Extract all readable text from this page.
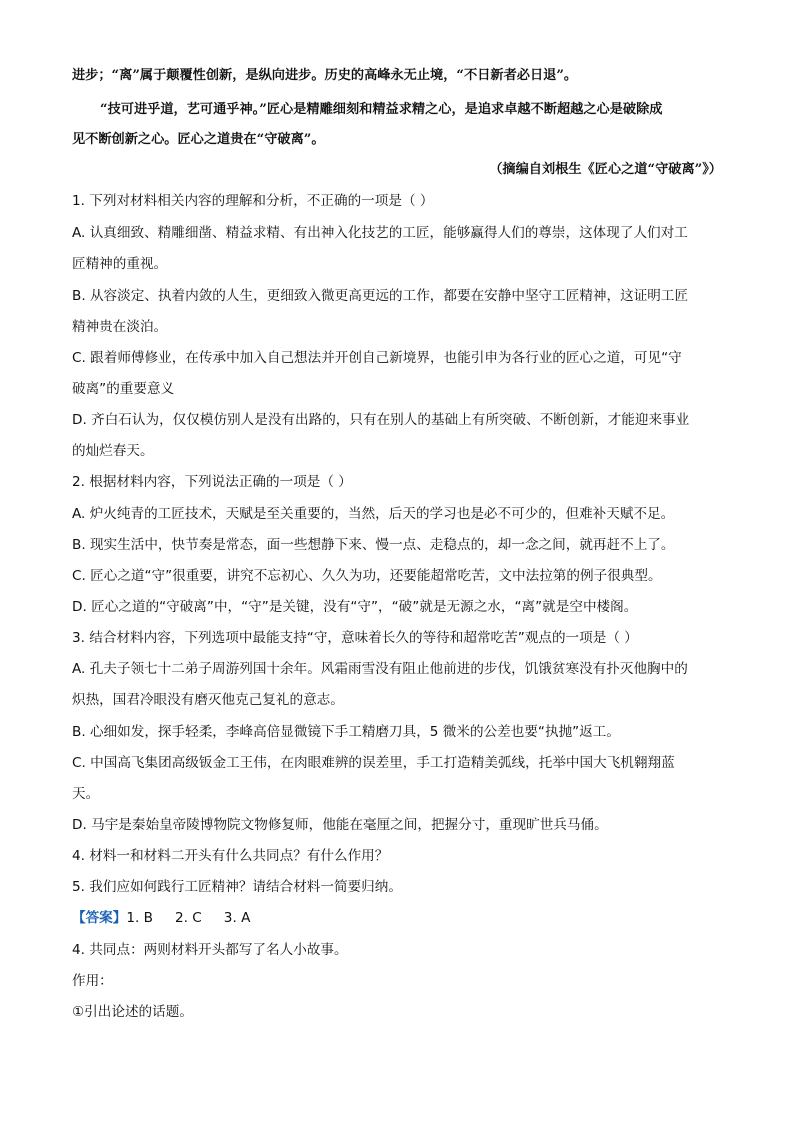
进步；“离”属于颠覆性创新，是纵向进步。历史的高峰永无止境，“不日新者必日退”。
“技可进乎道，艺可通乎神。”匠心是精雕细刻和精益求精之心，是追求卓越不断超越之心是破除成
见不断创新之心。匠心之道贵在“守破离”。
（摘编自刘根生《匠心之道“守破离”》）
1. 下列对材料相关内容的理解和分析，不正确的一项是（ ）
A. 认真细致、精雕细凿、精益求精、有出神入化技艺的工匠，能够赢得人们的尊崇，这体现了人们对工
匠精神的重视。
B. 从容淡定、执着内敛的人生，更细致入微更高更远的工作，都要在安静中坚守工匠精神，这证明工匠
精神贵在淡泊。
C. 跟着师傅修业，在传承中加入自己想法并开创自己新境界，也能引申为各行业的匠心之道，可见“守
破离”的重要意义
D. 齐白石认为，仅仅模仿别人是没有出路的，只有在别人的基础上有所突破、不断创新，才能迎来事业
的灿烂春天。
2. 根据材料内容，下列说法正确的一项是（ ）
A. 炉火纯青的工匠技术，天赋是至关重要的，当然，后天的学习也是必不可少的，但难补天赋不足。
B. 现实生活中，快节奏是常态，面一些想静下来、慢一点、走稳点的，却一念之间，就再赶不上了。
C. 匠心之道“守”很重要，讲究不忘初心、久久为功，还要能超常吃苦，文中法拉第的例子很典型。
D. 匠心之道的“守破离”中，“守”是关键，没有“守”，“破”就是无源之水，“离”就是空中楼阁。
3. 结合材料内容，下列选项中最能支持“守，意味着长久的等待和超常吃苦”观点的一项是（ ）
A. 孔夫子领七十二弟子周游列国十余年。风霜雨雪没有阻止他前进的步伐，饥饿贫寒没有扑灭他胸中的
炽热，国君冷眼没有磨灭他克己复礼的意志。
B. 心细如发，探手轻柔，李峰高倍显微镜下手工精磨刀具，5 微米的公差也要“执抛”返工。
C. 中国高飞集团高级钣金工王伟，在肉眼难辨的误差里，手工打造精美弧线，托举中国大飞机翱翔蓝
天。
D. 马宇是秦始皇帝陵博物院文物修复师，他能在毫厘之间，把握分寸，重现旷世兵马俑。
4. 材料一和材料二开头有什么共同点？有什么作用？
5. 我们应如何践行工匠精神？请结合材料一简要归纳。
【答案】1. B 2. C 3. A
4. 共同点：两则材料开头都写了名人小故事。
作用：
①引出论述的话题。
